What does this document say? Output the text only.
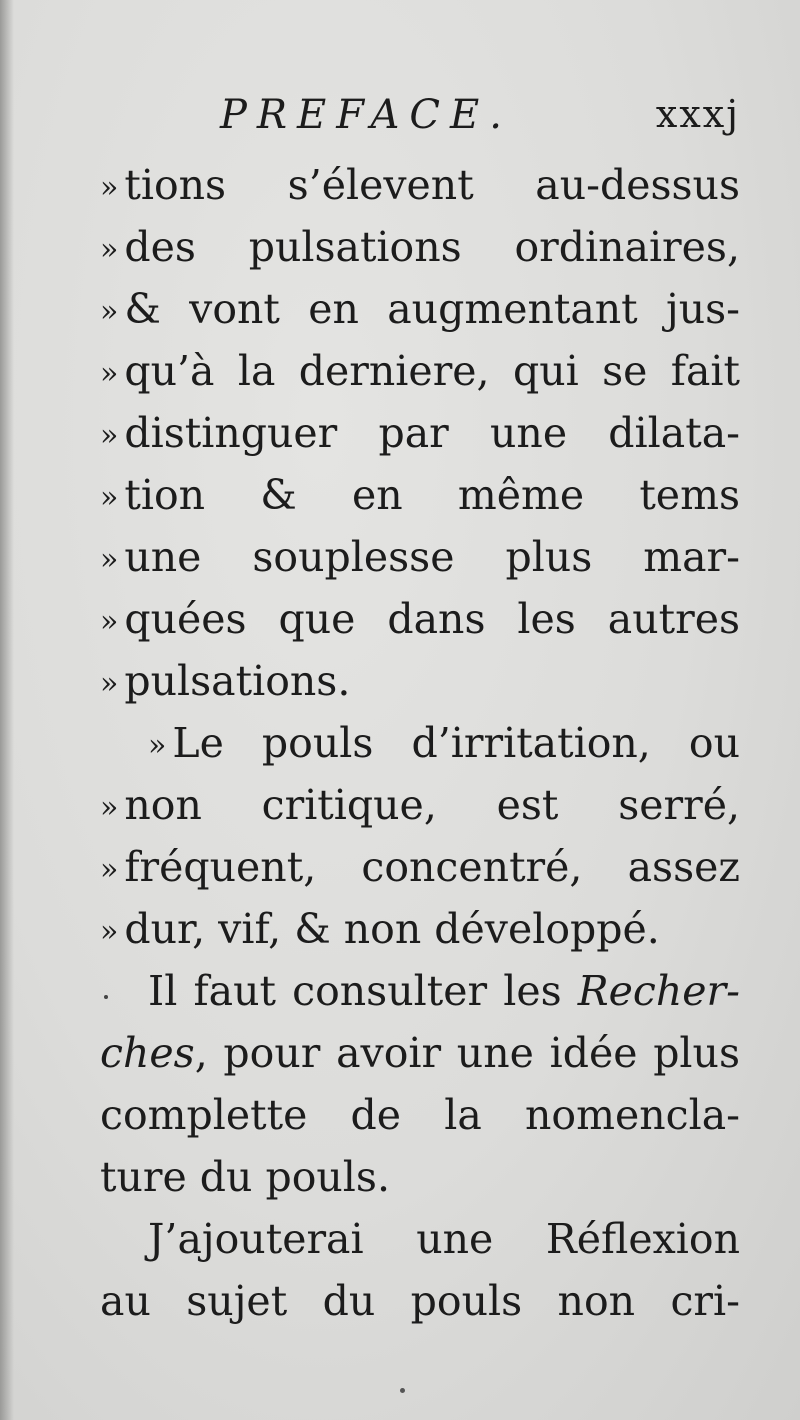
PREFACE.	xxxj
» tions s’élevent au-dessus
» des pulsations ordinaires,
» & vont en augmentant jus-
» qu’à la derniere, qui se fait
» distinguer par une dilata-
» tion & en même tems
» une souplesse plus mar-
» quées que dans les autres
» pulsations.
» Le pouls d’irritation, ou
» non critique, est serré,
» fréquent, concentré, assez
» dur, vif, & non développé.
Il faut consulter les Recher-
ches, pour avoir une idée plus
complette de la nomencla-
ture du pouls.
J’ajouterai une Réflexion
au sujet du pouls non cri-
